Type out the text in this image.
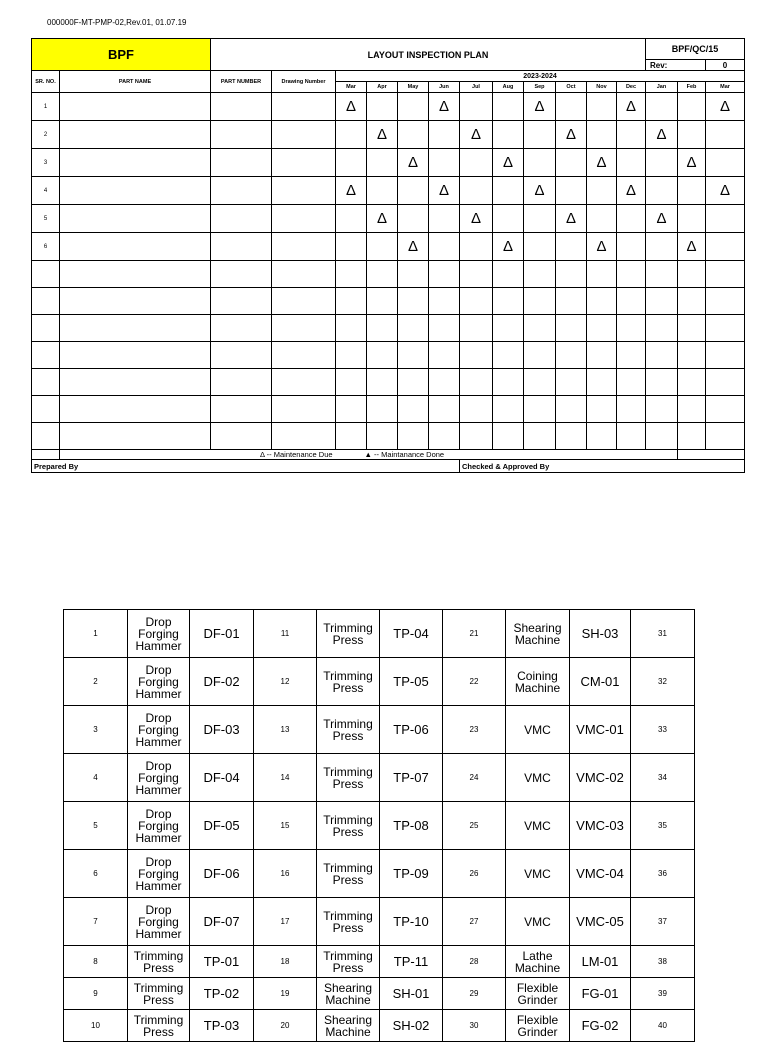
000000F-MT-PMP-02,Rev.01, 01.07.19
BPF		LAYOUT INSPECTION PLAN												BPF/QC/15		
														Rev:		0
SR. NO.	PART NAME	PART NUMBER	Drawing Number	2023-2024												
				Mar	Apr	May	Jun	Jul	Aug	Sep	Oct	Nov	Dec	Jan	Feb	Mar
1				Δ			Δ			Δ			Δ			Δ
2					Δ			Δ			Δ			Δ		
3						Δ			Δ			Δ			Δ	
4				Δ			Δ			Δ			Δ			Δ
5					Δ			Δ			Δ			Δ		
6						Δ			Δ			Δ			Δ	

	Δ -- Maintenance Due ▲ -- Maintanance Done															
Prepared By								Checked & Approved By								
1	Drop Forging Hammer	DF-01	11	Trimming Press	TP-04	21	Shearing Machine	SH-03	31
2	Drop Forging Hammer	DF-02	12	Trimming Press	TP-05	22	Coining Machine	CM-01	32
3	Drop Forging Hammer	DF-03	13	Trimming Press	TP-06	23	VMC	VMC-01	33
4	Drop Forging Hammer	DF-04	14	Trimming Press	TP-07	24	VMC	VMC-02	34
5	Drop Forging Hammer	DF-05	15	Trimming Press	TP-08	25	VMC	VMC-03	35
6	Drop Forging Hammer	DF-06	16	Trimming Press	TP-09	26	VMC	VMC-04	36
7	Drop Forging Hammer	DF-07	17	Trimming Press	TP-10	27	VMC	VMC-05	37
8	Trimming Press	TP-01	18	Trimming Press	TP-11	28	Lathe Machine	LM-01	38
9	Trimming Press	TP-02	19	Shearing Machine	SH-01	29	Flexible Grinder	FG-01	39
10	Trimming Press	TP-03	20	Shearing Machine	SH-02	30	Flexible Grinder	FG-02	40
